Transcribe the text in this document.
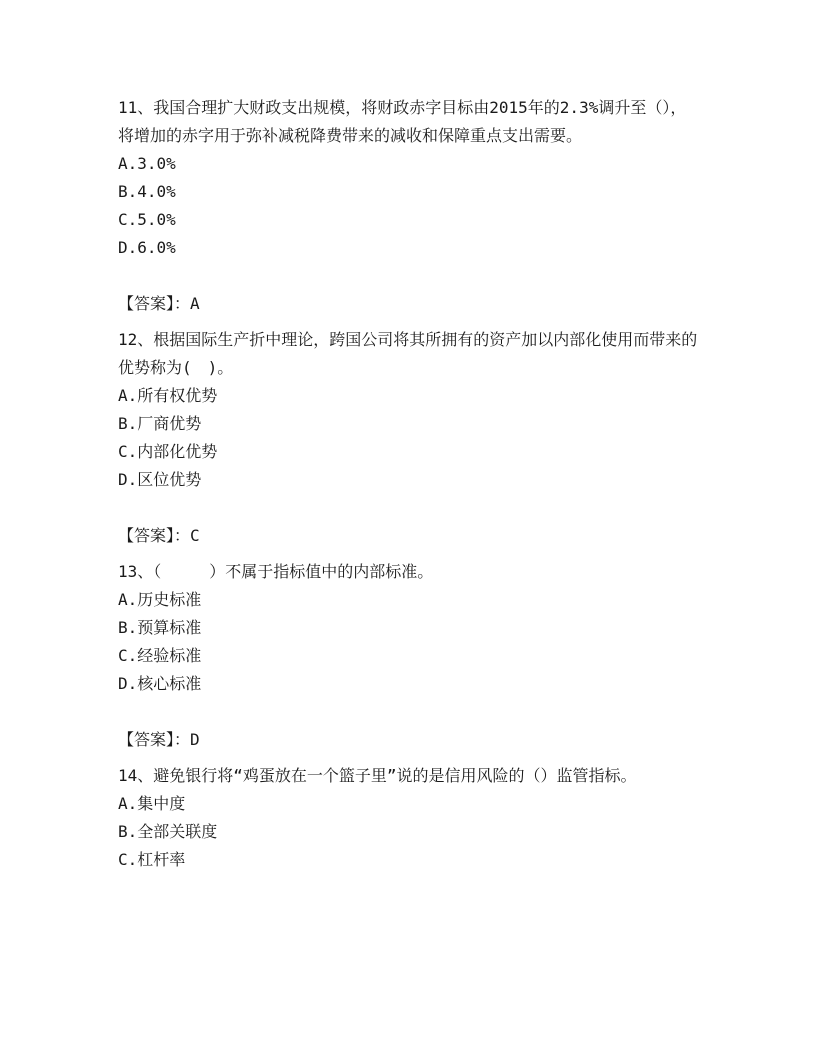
11、我国合理扩大财政支出规模，将财政赤字目标由2015年的2.3%调升至（），将增加的赤字用于弥补减税降费带来的减收和保障重点支出需要。

A.3.0%

B.4.0%

C.5.0%

D.6.0%

【答案】：A

12、根据国际生产折中理论，跨国公司将其所拥有的资产加以内部化使用而带来的优势称为(　)。

A.所有权优势

B.厂商优势

C.内部化优势

D.区位优势

【答案】：C

13、（　　　）不属于指标值中的内部标准。

A.历史标准

B.预算标准

C.经验标准

D.核心标准

【答案】：D

14、避免银行将“鸡蛋放在一个篮子里”说的是信用风险的（）监管指标。

A.集中度

B.全部关联度

C.杠杆率
